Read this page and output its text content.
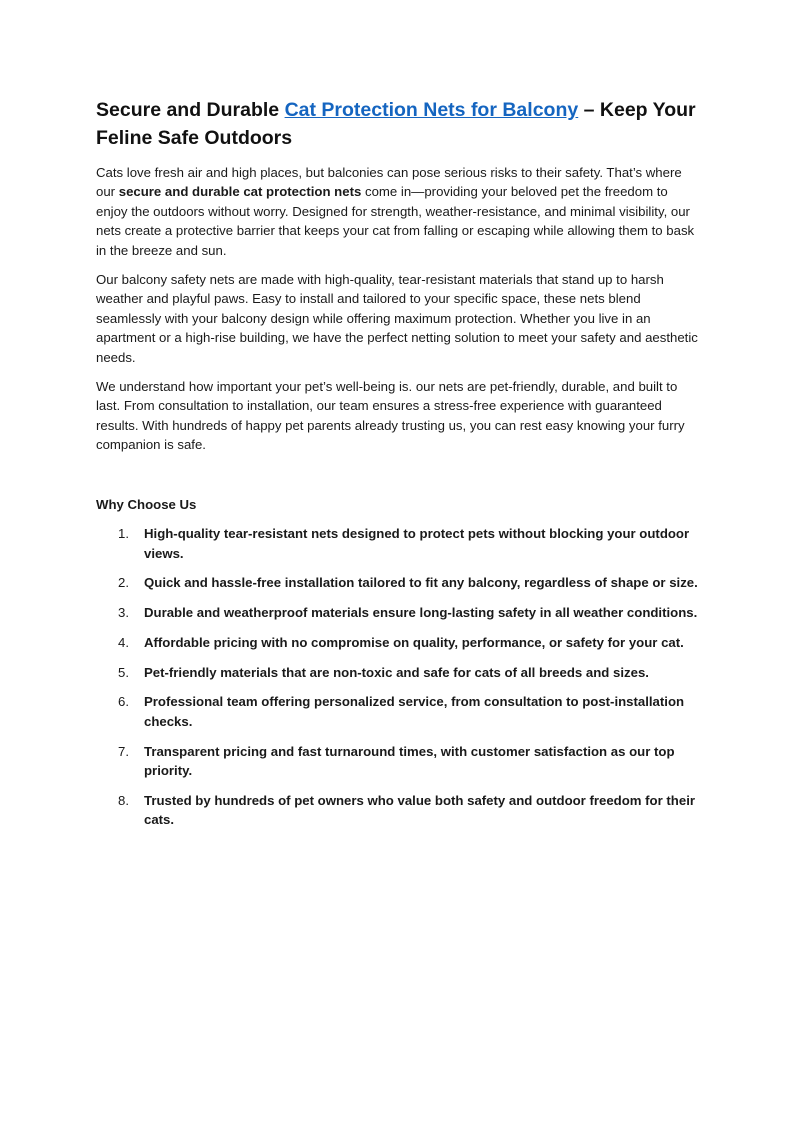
Secure and Durable Cat Protection Nets for Balcony – Keep Your Feline Safe Outdoors

Cats love fresh air and high places, but balconies can pose serious risks to their safety. That’s where our secure and durable cat protection nets come in—providing your beloved pet the freedom to enjoy the outdoors without worry. Designed for strength, weather-resistance, and minimal visibility, our nets create a protective barrier that keeps your cat from falling or escaping while allowing them to bask in the breeze and sun.

Our balcony safety nets are made with high-quality, tear-resistant materials that stand up to harsh weather and playful paws. Easy to install and tailored to your specific space, these nets blend seamlessly with your balcony design while offering maximum protection. Whether you live in an apartment or a high-rise building, we have the perfect netting solution to meet your safety and aesthetic needs.

We understand how important your pet’s well-being is. our nets are pet-friendly, durable, and built to last. From consultation to installation, our team ensures a stress-free experience with guaranteed results. With hundreds of happy pet parents already trusting us, you can rest easy knowing your furry companion is safe.

Why Choose Us
1. High-quality tear-resistant nets designed to protect pets without blocking your outdoor views.
2. Quick and hassle-free installation tailored to fit any balcony, regardless of shape or size.
3. Durable and weatherproof materials ensure long-lasting safety in all weather conditions.
4. Affordable pricing with no compromise on quality, performance, or safety for your cat.
5. Pet-friendly materials that are non-toxic and safe for cats of all breeds and sizes.
6. Professional team offering personalized service, from consultation to post-installation checks.
7. Transparent pricing and fast turnaround times, with customer satisfaction as our top priority.
8. Trusted by hundreds of pet owners who value both safety and outdoor freedom for their cats.
